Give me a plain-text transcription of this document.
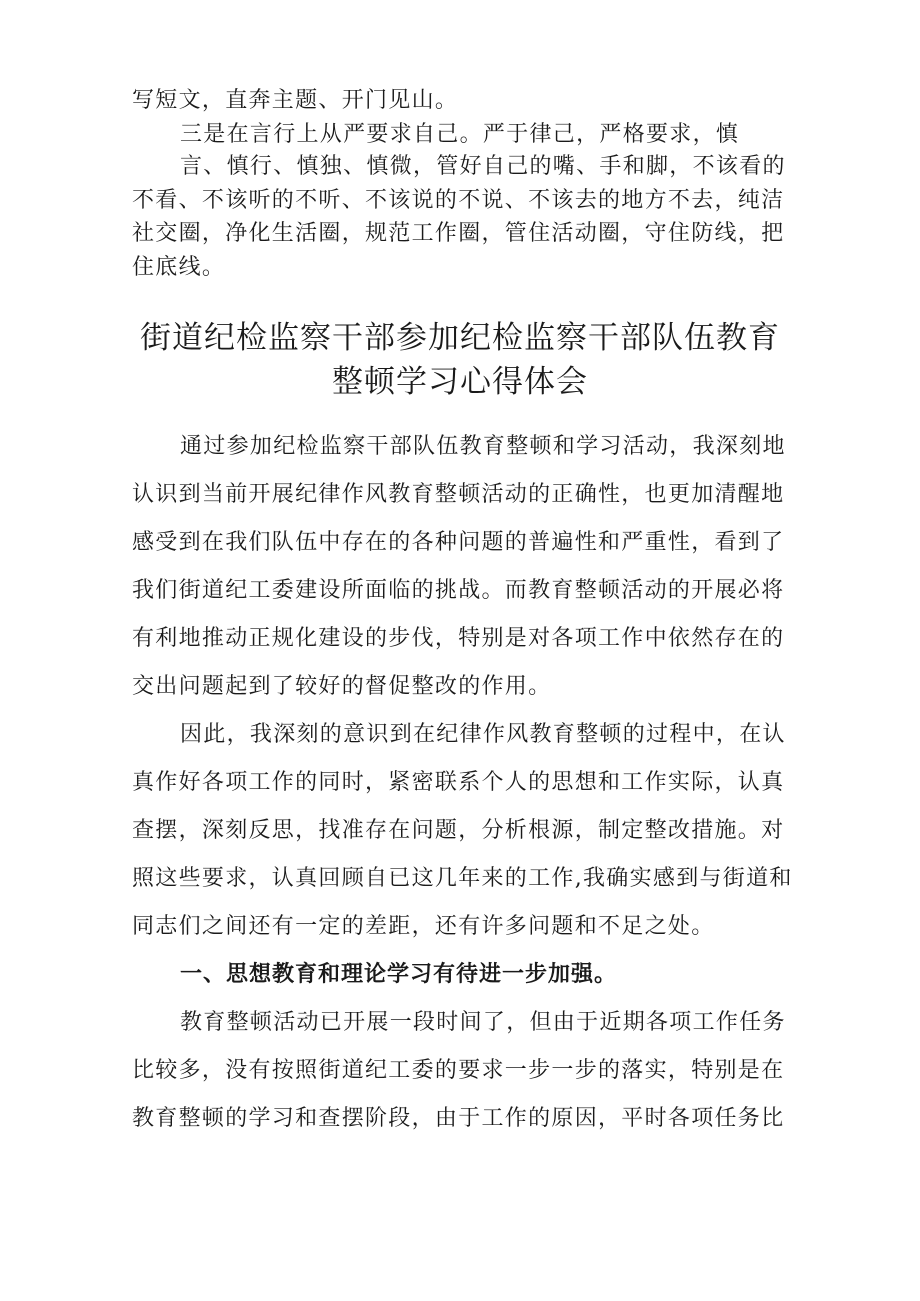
写短文，直奔主题、开门见山。
三是在言行上从严要求自己。严于律己，严格要求，慎
言、慎行、慎独、慎微，管好自己的嘴、手和脚，不该看的
不看、不该听的不听、不该说的不说、不该去的地方不去，纯洁
社交圈，净化生活圈，规范工作圈，管住活动圈，守住防线，把
住底线。
街道纪检监察干部参加纪检监察干部队伍教育
整顿学习心得体会
通过参加纪检监察干部队伍教育整顿和学习活动，我深刻地
认识到当前开展纪律作风教育整顿活动的正确性，也更加清醒地
感受到在我们队伍中存在的各种问题的普遍性和严重性，看到了
我们街道纪工委建设所面临的挑战。而教育整顿活动的开展必将
有利地推动正规化建设的步伐，特别是对各项工作中依然存在的
交出问题起到了较好的督促整改的作用。
因此，我深刻的意识到在纪律作风教育整顿的过程中，在认
真作好各项工作的同时，紧密联系个人的思想和工作实际，认真
查摆，深刻反思，找准存在问题，分析根源，制定整改措施。对
照这些要求，认真回顾自已这几年来的工作,我确实感到与街道和
同志们之间还有一定的差距，还有许多问题和不足之处。
一、思想教育和理论学习有待进一步加强。
教育整顿活动已开展一段时间了，但由于近期各项工作任务
比较多，没有按照街道纪工委的要求一步一步的落实，特别是在
教育整顿的学习和查摆阶段，由于工作的原因，平时各项任务比
